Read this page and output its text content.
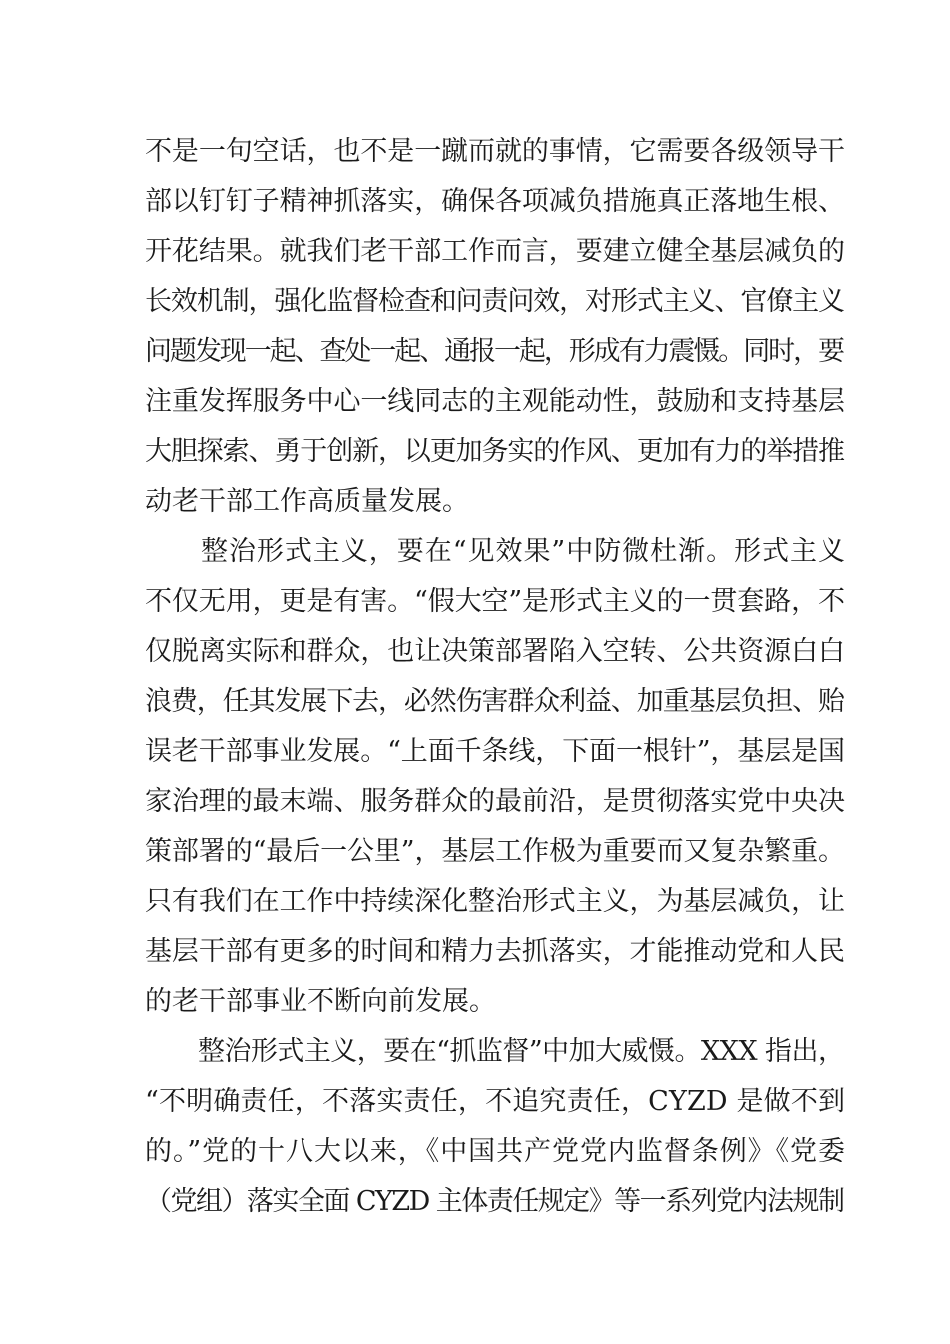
不是一句空话，也不是一蹴而就的事情，它需要各级领导干
部以钉钉子精神抓落实，确保各项减负措施真正落地生根、
开花结果。就我们老干部工作而言，要建立健全基层减负的
长效机制，强化监督检查和问责问效，对形式主义、官僚主义
问题发现一起、查处一起、通报一起，形成有力震慑。同时，要
注重发挥服务中心一线同志的主观能动性，鼓励和支持基层
大胆探索、勇于创新，以更加务实的作风、更加有力的举措推
动老干部工作高质量发展。
　　整治形式主义，要在“见效果”中防微杜渐。形式主义
不仅无用，更是有害。“假大空”是形式主义的一贯套路，不
仅脱离实际和群众，也让决策部署陷入空转、公共资源白白
浪费，任其发展下去，必然伤害群众利益、加重基层负担、贻
误老干部事业发展。“上面千条线，下面一根针”，基层是国
家治理的最末端、服务群众的最前沿，是贯彻落实党中央决
策部署的“最后一公里”，基层工作极为重要而又复杂繁重。
只有我们在工作中持续深化整治形式主义，为基层减负，让
基层干部有更多的时间和精力去抓落实，才能推动党和人民
的老干部事业不断向前发展。
　　整治形式主义，要在“抓监督”中加大威慑。XXX 指出，
“不明确责任，不落实责任，不追究责任，CYZD 是做不到
的。”党的十八大以来，《中国共产党党内监督条例》《党委
（党组）落实全面 CYZD 主体责任规定》等一系列党内法规制
